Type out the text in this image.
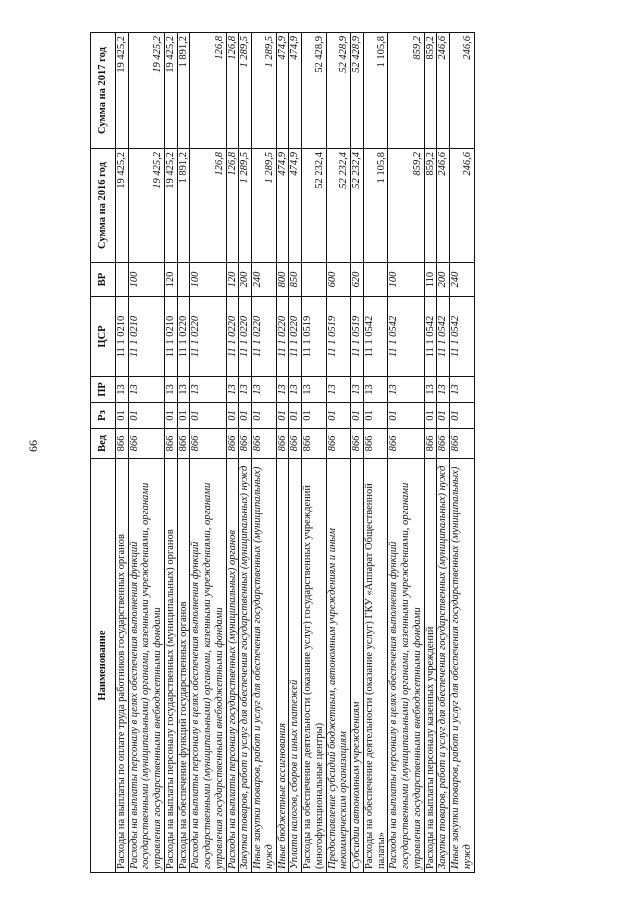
66
Наименование	Вед	Рз	ПР	ЦСР	ВР	Сумма на 2016 год	Сумма на 2017 год
Расходы на выплаты по оплате труда работников государственных органов	866	01	13	11 1 0210		19 425,2	19 425,2
Расходы на выплаты персоналу в целях обеспечения выполнения функций государственными (муниципальными) органами, казенными учреждениями, органами управления государственными внебюджетными фондами	866	01	13	11 1 0210	100	19 425,2	19 425,2
Расходы на выплаты персоналу государственных (муниципальных) органов	866	01	13	11 1 0210	120	19 425,2	19 425,2
Расходы на обеспечение функций государственных органов	866	01	13	11 1 0220		1 891,2	1 891,2
Расходы на выплаты персоналу в целях обеспечения выполнения функций государственными (муниципальными) органами, казенными учреждениями, органами управления государственными внебюджетными фондами	866	01	13	11 1 0220	100	126,8	126,8
Расходы на выплаты персоналу государственных (муниципальных) органов	866	01	13	11 1 0220	120	126,8	126,8
Закупка товаров, работ и услуг для обеспечения государственных (муниципальных) нужд	866	01	13	11 1 0220	200	1 289,5	1 289,5
Иные закупки товаров, работ и услуг для обеспечения государственных (муниципальных) нужд	866	01	13	11 1 0220	240	1 289,5	1 289,5
Иные бюджетные ассигнования	866	01	13	11 1 0220	800	474,9	474,9
Уплата налогов, сборов и иных платежей	866	01	13	11 1 0220	850	474,9	474,9
Расходы на обеспечение деятельности (оказание услуг) государственных учреждений (многофункциональные центры)	866	01	13	11 1 0519		52 232,4	52 428,9
Предоставление субсидий бюджетным, автономным учреждениям и иным некоммерческим организациям	866	01	13	11 1 0519	600	52 232,4	52 428,9
Субсидии автономным учреждениям	866	01	13	11 1 0519	620	52 232,4	52 428,9
Расходы на обеспечение деятельности (оказание услуг) ГКУ «Аппарат Общественной палаты»	866	01	13	11 1 0542		1 105,8	1 105,8
Расходы на выплаты персоналу в целях обеспечения выполнения функций государственными (муниципальными) органами, казенными учреждениями, органами управления государственными внебюджетными фондами	866	01	13	11 1 0542	100	859,2	859,2
Расходы на выплаты персоналу казенных учреждений	866	01	13	11 1 0542	110	859,2	859,2
Закупка товаров, работ и услуг для обеспечения государственных (муниципальных) нужд	866	01	13	11 1 0542	200	246,6	246,6
Иные закупки товаров, работ и услуг для обеспечения государственных (муниципальных) нужд	866	01	13	11 1 0542	240	246,6	246,6
